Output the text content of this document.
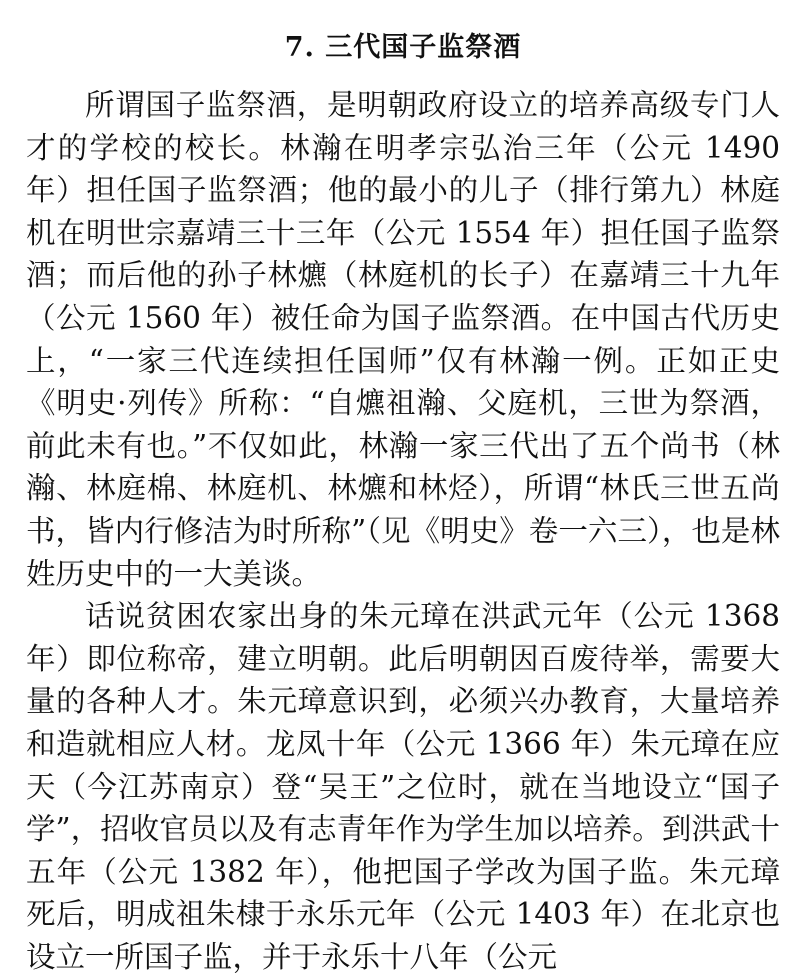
7. 三代国子监祭酒

所谓国子监祭酒，是明朝政府设立的培养高级专门人才的学校的校长。林瀚在明孝宗弘治三年（公元 1490 年）担任国子监祭酒；他的最小的儿子（排行第九）林庭机在明世宗嘉靖三十三年（公元 1554 年）担任国子监祭酒；而后他的孙子林爊（林庭机的长子）在嘉靖三十九年（公元 1560 年）被任命为国子监祭酒。在中国古代历史上，“一家三代连续担任国师”仅有林瀚一例。正如正史《明史·列传》所称：“自爊祖瀚、父庭机，三世为祭酒，前此未有也。”不仅如此，林瀚一家三代出了五个尚书（林瀚、林庭棉、林庭机、林爊和林烃），所谓“林氏三世五尚书，皆内行修洁为时所称”（见《明史》卷一六三），也是林姓历史中的一大美谈。

话说贫困农家出身的朱元璋在洪武元年（公元 1368 年）即位称帝，建立明朝。此后明朝因百废待举，需要大量的各种人才。朱元璋意识到，必须兴办教育，大量培养和造就相应人材。龙凤十年（公元 1366 年）朱元璋在应天（今江苏南京）登“吴王”之位时，就在当地设立“国子学”，招收官员以及有志青年作为学生加以培养。到洪武十五年（公元 1382 年），他把国子学改为国子监。朱元璋死后，明成祖朱棣于永乐元年（公元 1403 年）在北京也设立一所国子监，并于永乐十八年（公元
